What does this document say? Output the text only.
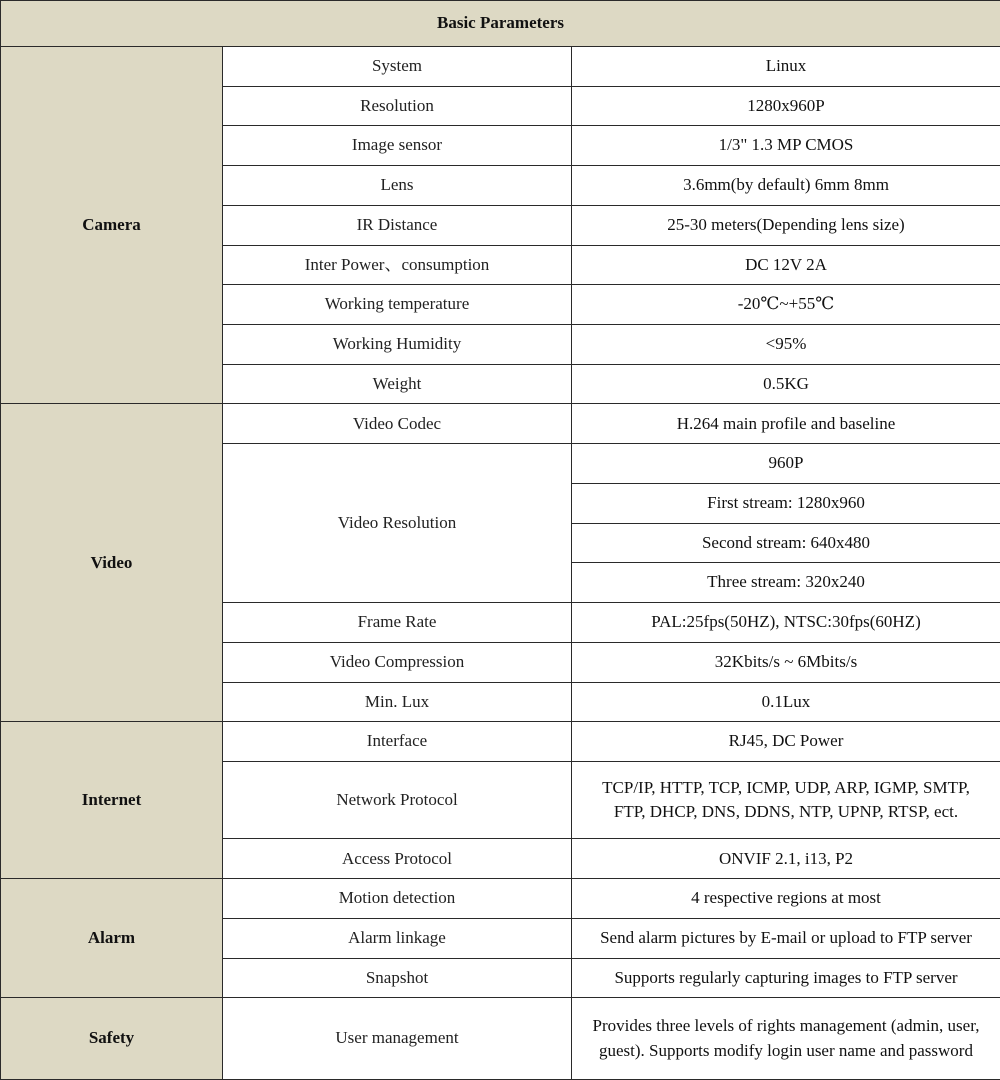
Basic Parameters		
Camera	System	Linux
	Resolution	1280x960P
	Image sensor	1/3" 1.3 MP CMOS
	Lens	3.6mm(by default) 6mm 8mm
	IR Distance	25-30 meters(Depending lens size)
	Inter Power、consumption	DC 12V 2A
	Working temperature	-20℃~+55℃
	Working Humidity	<95%
	Weight	0.5KG
Video	Video Codec	H.264 main profile and baseline
	Video Resolution	960P
		First stream: 1280x960
		Second stream: 640x480
		Three stream: 320x240
	Frame Rate	PAL:25fps(50HZ), NTSC:30fps(60HZ)
	Video Compression	32Kbits/s ~ 6Mbits/s
	Min. Lux	0.1Lux
Internet	Interface	RJ45, DC Power
	Network Protocol	TCP/IP, HTTP, TCP, ICMP, UDP, ARP, IGMP, SMTP,
FTP, DHCP, DNS, DDNS, NTP, UPNP, RTSP, ect.
	Access Protocol	ONVIF 2.1, i13, P2
Alarm	Motion detection	4 respective regions at most
	Alarm linkage	Send alarm pictures by E-mail or upload to FTP server
	Snapshot	Supports regularly capturing images to FTP server
Safety	User management	Provides three levels of rights management (admin, user,
guest). Supports modify login user name and password
